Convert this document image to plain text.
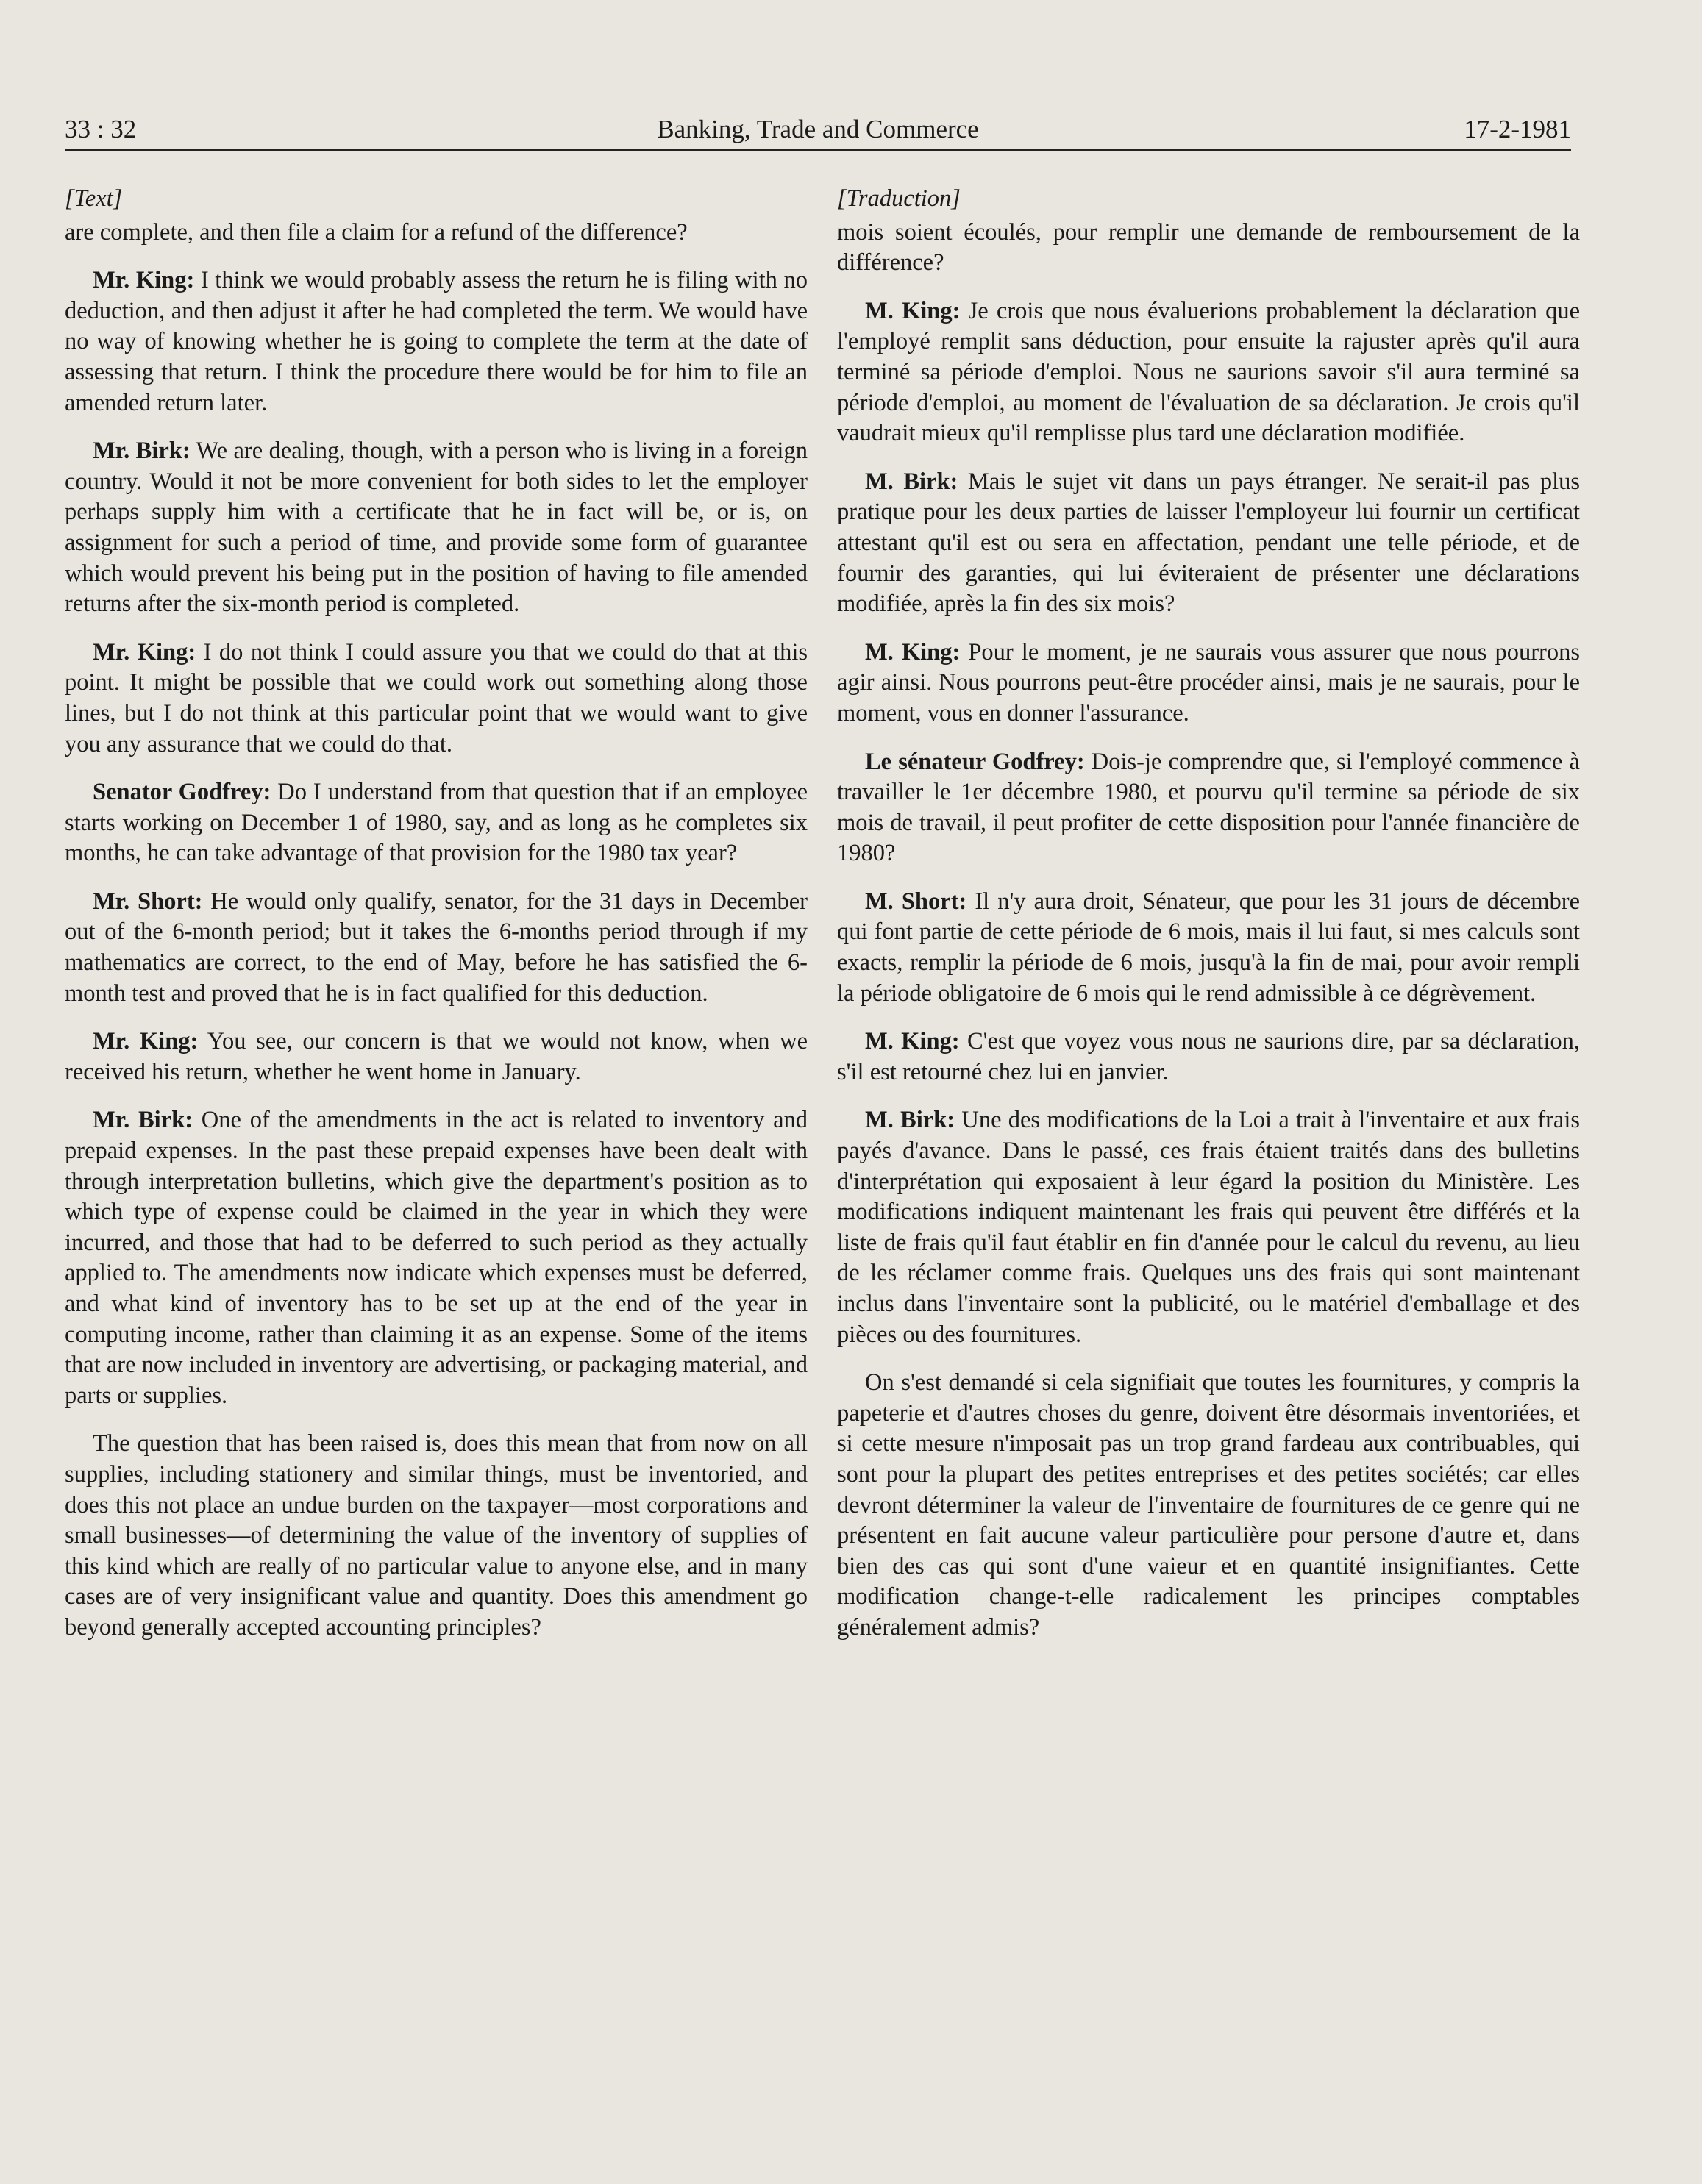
33 : 32	Banking, Trade and Commerce	17-2-1981
[Text]

are complete, and then file a claim for a refund of the difference?

Mr. King: I think we would probably assess the return he is filing with no deduction, and then adjust it after he had completed the term. We would have no way of knowing whether he is going to complete the term at the date of assessing that return. I think the procedure there would be for him to file an amended return later.

Mr. Birk: We are dealing, though, with a person who is living in a foreign country. Would it not be more convenient for both sides to let the employer perhaps supply him with a certificate that he in fact will be, or is, on assignment for such a period of time, and provide some form of guarantee which would prevent his being put in the position of having to file amended returns after the six-month period is completed.

Mr. King: I do not think I could assure you that we could do that at this point. It might be possible that we could work out something along those lines, but I do not think at this particular point that we would want to give you any assurance that we could do that.

Senator Godfrey: Do I understand from that question that if an employee starts working on December 1 of 1980, say, and as long as he completes six months, he can take advantage of that provision for the 1980 tax year?

Mr. Short: He would only qualify, senator, for the 31 days in December out of the 6-month period; but it takes the 6-months period through if my mathematics are correct, to the end of May, before he has satisfied the 6-month test and proved that he is in fact qualified for this deduction.

Mr. King: You see, our concern is that we would not know, when we received his return, whether he went home in January.

Mr. Birk: One of the amendments in the act is related to inventory and prepaid expenses. In the past these prepaid expenses have been dealt with through interpretation bulletins, which give the department's position as to which type of expense could be claimed in the year in which they were incurred, and those that had to be deferred to such period as they actually applied to. The amendments now indicate which expenses must be deferred, and what kind of inventory has to be set up at the end of the year in computing income, rather than claiming it as an expense. Some of the items that are now included in inventory are advertising, or packaging material, and parts or supplies.

The question that has been raised is, does this mean that from now on all supplies, including stationery and similar things, must be inventoried, and does this not place an undue burden on the taxpayer—most corporations and small businesses—of determining the value of the inventory of supplies of this kind which are really of no particular value to anyone else, and in many cases are of very insignificant value and quantity. Does this amendment go beyond generally accepted accounting principles?

[Traduction]

mois soient écoulés, pour remplir une demande de remboursement de la différence?

M. King: Je crois que nous évaluerions probablement la déclaration que l'employé remplit sans déduction, pour ensuite la rajuster après qu'il aura terminé sa période d'emploi. Nous ne saurions savoir s'il aura terminé sa période d'emploi, au moment de l'évaluation de sa déclaration. Je crois qu'il vaudrait mieux qu'il remplisse plus tard une déclaration modifiée.

M. Birk: Mais le sujet vit dans un pays étranger. Ne serait-il pas plus pratique pour les deux parties de laisser l'employeur lui fournir un certificat attestant qu'il est ou sera en affectation, pendant une telle période, et de fournir des garanties, qui lui éviteraient de présenter une déclarations modifiée, après la fin des six mois?

M. King: Pour le moment, je ne saurais vous assurer que nous pourrons agir ainsi. Nous pourrons peut-être procéder ainsi, mais je ne saurais, pour le moment, vous en donner l'assurance.

Le sénateur Godfrey: Dois-je comprendre que, si l'employé commence à travailler le 1er décembre 1980, et pourvu qu'il termine sa période de six mois de travail, il peut profiter de cette disposition pour l'année financière de 1980?

M. Short: Il n'y aura droit, Sénateur, que pour les 31 jours de décembre qui font partie de cette période de 6 mois, mais il lui faut, si mes calculs sont exacts, remplir la période de 6 mois, jusqu'à la fin de mai, pour avoir rempli la période obligatoire de 6 mois qui le rend admissible à ce dégrèvement.

M. King: C'est que voyez vous nous ne saurions dire, par sa déclaration, s'il est retourné chez lui en janvier.

M. Birk: Une des modifications de la Loi a trait à l'inventaire et aux frais payés d'avance. Dans le passé, ces frais étaient traités dans des bulletins d'interprétation qui exposaient à leur égard la position du Ministère. Les modifications indiquent maintenant les frais qui peuvent être différés et la liste de frais qu'il faut établir en fin d'année pour le calcul du revenu, au lieu de les réclamer comme frais. Quelques uns des frais qui sont maintenant inclus dans l'inventaire sont la publicité, ou le matériel d'emballage et des pièces ou des fournitures.

On s'est demandé si cela signifiait que toutes les fournitures, y compris la papeterie et d'autres choses du genre, doivent être désormais inventoriées, et si cette mesure n'imposait pas un trop grand fardeau aux contribuables, qui sont pour la plupart des petites entreprises et des petites sociétés; car elles devront déterminer la valeur de l'inventaire de fournitures de ce genre qui ne présentent en fait aucune valeur particulière pour persone d'autre et, dans bien des cas qui sont d'une vaieur et en quantité insignifiantes. Cette modification change-t-elle radicalement les principes comptables généralement admis?
